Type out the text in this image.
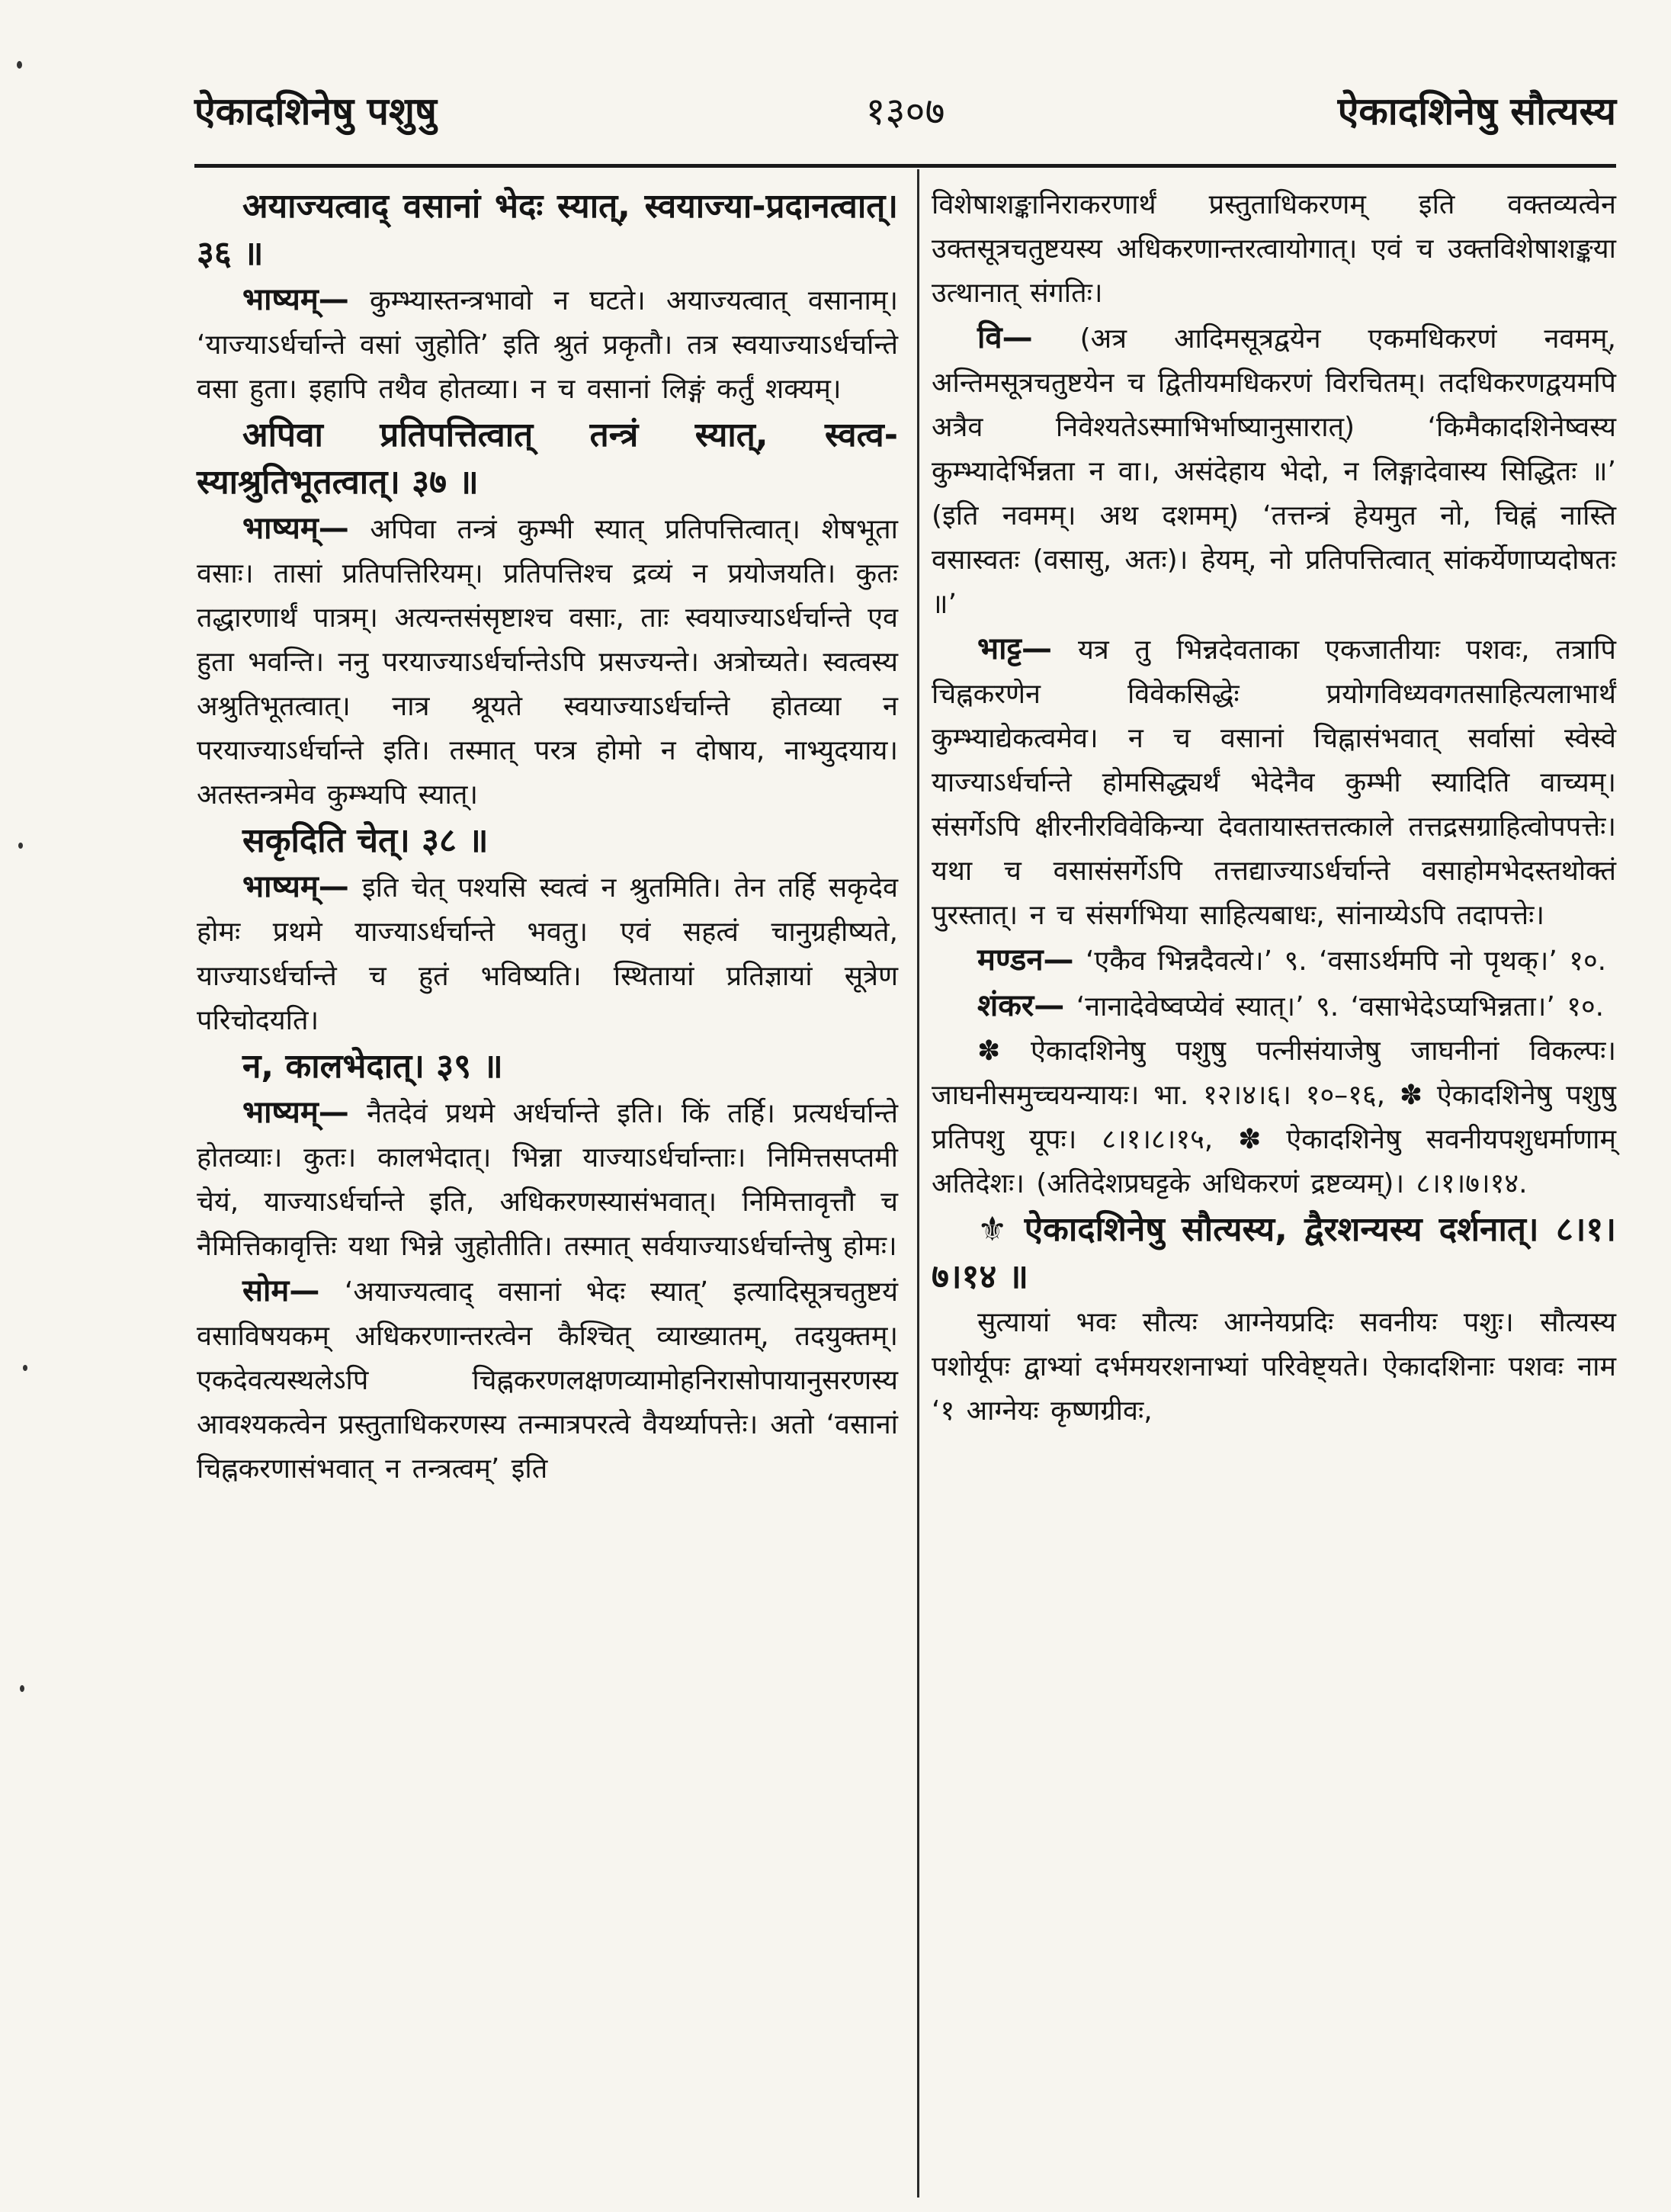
१३०७
ऐकादशिनेषु पशुषु	ऐकादशिनेषु सौत्यस्य

अयाज्यत्वाद् वसानां भेदः स्यात्, स्वयाज्या-प्रदानत्वात्। ३६ ॥

भाष्यम्— कुम्भ्यास्तन्त्रभावो न घटते। अयाज्यत्वात् वसानाम्। ‘याज्याऽर्धर्चान्ते वसां जुहोति’ इति श्रुतं प्रकृतौ। तत्र स्वयाज्याऽर्धर्चान्ते वसा हुता। इहापि तथैव होतव्या। न च वसानां लिङ्गं कर्तुं शक्यम्।

अपिवा प्रतिपत्तित्वात् तन्त्रं स्यात्, स्वत्व-स्याश्रुतिभूतत्वात्। ३७ ॥

भाष्यम्— अपिवा तन्त्रं कुम्भी स्यात् प्रतिपत्तित्वात्। शेषभूता वसाः। तासां प्रतिपत्तिरियम्। प्रतिपत्तिश्च द्रव्यं न प्रयोजयति। कुतः तद्धारणार्थं पात्रम्। अत्यन्तसंसृष्टाश्च वसाः, ताः स्वयाज्याऽर्धर्चान्ते एव हुता भवन्ति। ननु परयाज्याऽर्धर्चान्तेऽपि प्रसज्यन्ते। अत्रोच्यते। स्वत्वस्य अश्रुतिभूतत्वात्। नात्र श्रूयते स्वयाज्याऽर्धर्चान्ते होतव्या न परयाज्याऽर्धर्चान्ते इति। तस्मात् परत्र होमो न दोषाय, नाभ्युदयाय। अतस्तन्त्रमेव कुम्भ्यपि स्यात्।

सकृदिति चेत्। ३८ ॥

भाष्यम्— इति चेत् पश्यसि स्वत्वं न श्रुतमिति। तेन तर्हि सकृदेव होमः प्रथमे याज्याऽर्धर्चान्ते भवतु। एवं सहत्वं चानुग्रहीष्यते, याज्याऽर्धर्चान्ते च हुतं भविष्यति। स्थितायां प्रतिज्ञायां सूत्रेण परिचोदयति।

न, कालभेदात्। ३९ ॥

भाष्यम्— नैतदेवं प्रथमे अर्धर्चान्ते इति। किं तर्हि। प्रत्यर्धर्चान्ते होतव्याः। कुतः। कालभेदात्। भिन्ना याज्याऽर्धर्चान्ताः। निमित्तसप्तमी चेयं, याज्याऽर्धर्चान्ते इति, अधिकरणस्यासंभवात्। निमित्तावृत्तौ च नैमित्तिकावृत्तिः यथा भिन्ने जुहोतीति। तस्मात् सर्वयाज्याऽर्धर्चान्तेषु होमः।

सोम— ‘अयाज्यत्वाद् वसानां भेदः स्यात्’ इत्यादिसूत्रचतुष्टयं वसाविषयकम् अधिकरणान्तरत्वेन कैश्चित् व्याख्यातम्, तदयुक्तम्। एकदेवत्यस्थलेऽपि चिह्नकरणलक्षणव्यामोहनिरासोपायानुसरणस्य आवश्यकत्वेन प्रस्तुताधिकरणस्य तन्मात्रपरत्वे वैयर्थ्यापत्तेः। अतो ‘वसानां चिह्नकरणासंभवात् न तन्त्रत्वम्’ इति

विशेषाशङ्कानिराकरणार्थं प्रस्तुताधिकरणम् इति वक्तव्यत्वेन उक्तसूत्रचतुष्टयस्य अधिकरणान्तरत्वायोगात्। एवं च उक्तविशेषाशङ्कया उत्थानात् संगतिः।

वि— (अत्र आदिमसूत्रद्वयेन एकमधिकरणं नवमम्, अन्तिमसूत्रचतुष्टयेन च द्वितीयमधिकरणं विरचितम्। तदधिकरणद्वयमपि अत्रैव निवेश्यतेऽस्माभिर्भाष्यानुसारात्) ‘किमैकादशिनेष्वस्य कुम्भ्यादेर्भिन्नता न वा।, असंदेहाय भेदो, न लिङ्गादेवास्य सिद्धितः ॥’ (इति नवमम्। अथ दशमम्) ‘तत्तन्त्रं हेयमुत नो, चिह्नं नास्ति वसास्वतः (वसासु, अतः)। हेयम्, नो प्रतिपत्तित्वात् सांकर्येणाप्यदोषतः ॥’

भाट्ट— यत्र तु भिन्नदेवताका एकजातीयाः पशवः, तत्रापि चिह्नकरणेन विवेकसिद्धेः प्रयोगविध्यवगतसाहित्यलाभार्थं कुम्भ्याद्येकत्वमेव। न च वसानां चिह्नासंभवात् सर्वासां स्वेस्वे याज्याऽर्धर्चान्ते होमसिद्ध्यर्थं भेदेनैव कुम्भी स्यादिति वाच्यम्। संसर्गेऽपि क्षीरनीरविवेकिन्या देवतायास्तत्तत्काले तत्तद्रसग्राहित्वोपपत्तेः। यथा च वसासंसर्गेऽपि तत्तद्याज्याऽर्धर्चान्ते वसाहोमभेदस्तथोक्तं पुरस्तात्। न च संसर्गभिया साहित्यबाधः, सांनाय्येऽपि तदापत्तेः।

मण्डन— ‘एकैव भिन्नदैवत्ये।’ ९. ‘वसाऽर्थमपि नो पृथक्।’ १०.

शंकर— ‘नानादेवेष्वप्येवं स्यात्।’ ९. ‘वसाभेदेऽप्यभिन्नता।’ १०.

✽ ऐकादशिनेषु पशुषु पत्नीसंयाजेषु जाघनीनां विकल्पः। जाघनीसमुच्चयन्यायः। भा. १२।४।६। १०–१६, ✽ ऐकादशिनेषु पशुषु प्रतिपशु यूपः। ८।१।८।१५, ✽ ऐकादशिनेषु सवनीयपशुधर्माणाम् अतिदेशः। (अतिदेशप्रघट्टके अधिकरणं द्रष्टव्यम्)। ८।१।७।१४.

⚜ ऐकादशिनेषु सौत्यस्य, द्वैरशन्यस्य दर्शनात्। ८।१।७।१४ ॥

सुत्यायां भवः सौत्यः आग्नेयप्रदिः सवनीयः पशुः। सौत्यस्य पशोर्यूपः द्वाभ्यां दर्भमयरशनाभ्यां परिवेष्ट्यते। ऐकादशिनाः पशवः नाम ‘१ आग्नेयः कृष्णग्रीवः,
